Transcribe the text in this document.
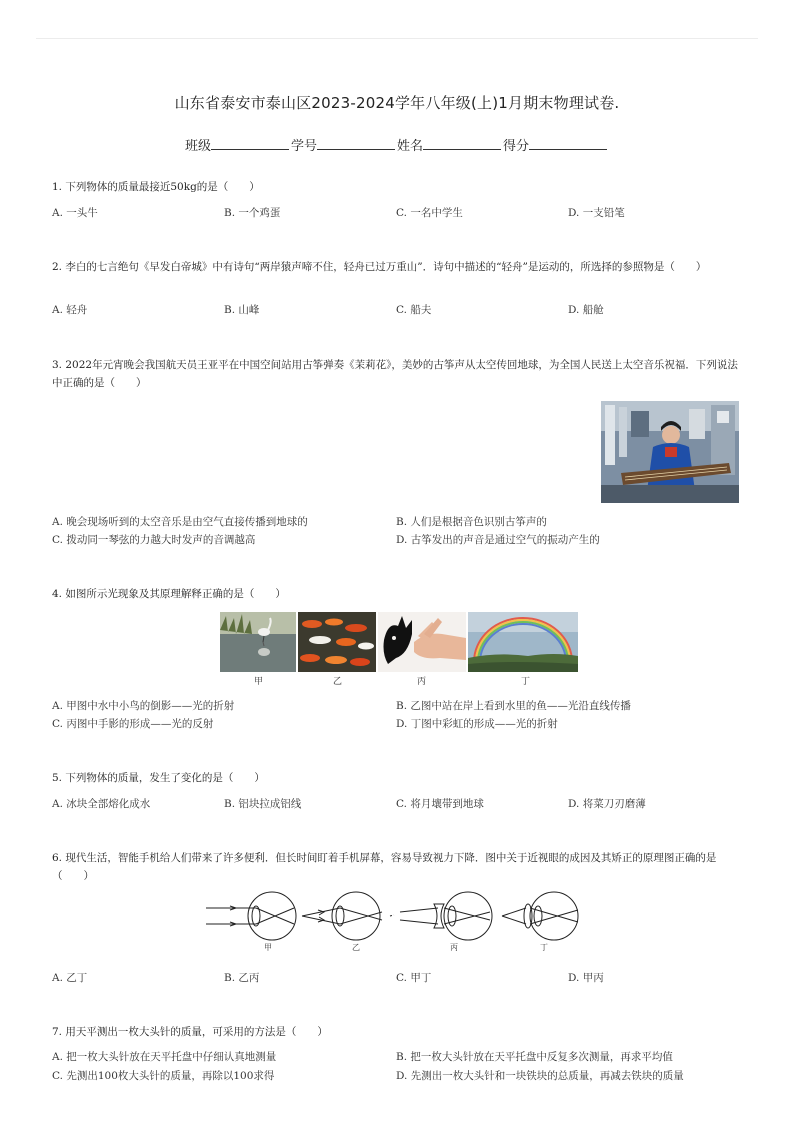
山东省泰安市泰山区2023-2024学年八年级(上)1月期末物理试卷.
班级	学号	姓名	得分
1. 下列物体的质量最接近50kg的是（　　）
A. 一头牛	B. 一个鸡蛋	C. 一名中学生	D. 一支铅笔
2. 李白的七言绝句《早发白帝城》中有诗句“两岸猿声啼不住，轻舟已过万重山”．诗句中描述的“轻舟”是运动的，所选择的参照物是（　　）
A. 轻舟	B. 山峰	C. 船夫	D. 船舱
3. 2022年元宵晚会我国航天员王亚平在中国空间站用古筝弹奏《茉莉花》，美妙的古筝声从太空传回地球，为全国人民送上太空音乐祝福．下列说法中正确的是（　　）
A. 晚会现场听到的太空音乐是由空气直接传播到地球的	B. 人们是根据音色识别古筝声的
C. 拨动同一琴弦的力越大时发声的音调越高	D. 古筝发出的声音是通过空气的振动产生的
4. 如图所示光现象及其原理解释正确的是（　　）
甲	乙	丙	丁
A. 甲图中水中小鸟的倒影——光的折射	B. 乙图中站在岸上看到水里的鱼——光沿直线传播
C. 丙图中手影的形成——光的反射	D. 丁图中彩虹的形成——光的折射
5. 下列物体的质量，发生了变化的是（　　）
A. 冰块全部熔化成水	B. 铝块拉成铝线	C. 将月壤带到地球	D. 将菜刀刃磨薄
6. 现代生活，智能手机给人们带来了许多便利．但长时间盯着手机屏幕，容易导致视力下降．图中关于近视眼的成因及其矫正的原理图正确的是（　　）
甲	乙	丙	丁
A. 乙丁	B. 乙丙	C. 甲丁	D. 甲丙
7. 用天平测出一枚大头针的质量，可采用的方法是（　　）
A. 把一枚大头针放在天平托盘中仔细认真地测量	B. 把一枚大头针放在天平托盘中反复多次测量，再求平均值
C. 先测出100枚大头针的质量，再除以100求得	D. 先测出一枚大头针和一块铁块的总质量，再减去铁块的质量
